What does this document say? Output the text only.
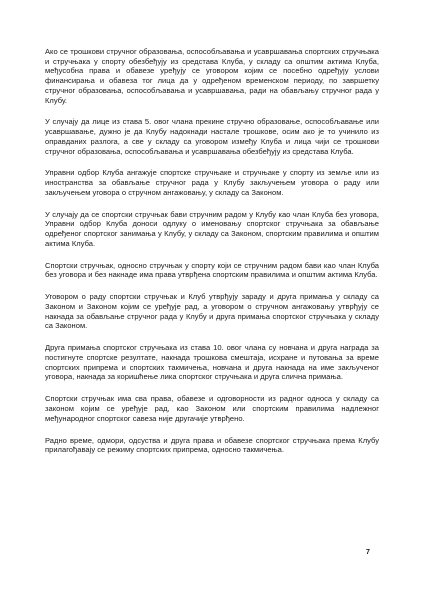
Ако се трошкови стручног образовања, оспособљавања и усавршавања спортских стручњака и стручњака у спорту обезбеђују из средстава Клуба, у складу са општим актима Клуба, међусобна права и обавезе уређују се уговором којим се посебно одређују услови финансирања и обавеза тог лица да у одређеном временском периоду, по завршетку стручног образовања, оспособљавања и усавршавања, ради на обављању стручног рада у Клубу.

У случају да лице из става 5. овог члана прекине стручно образовање, оспособљавање или усавршавање, дужно је да Клубу надокнади настале трошкове, осим ако је то учинило из оправданих разлога, а све у складу са уговором између Клуба и лица чији се трошкови стручног образовања, оспособљавања и усавршавања обезбеђују из средстава Клуба.

Управни одбор Клуба ангажује спортске стручњаке и стручњаке у спорту из земље или из иностранства за обављање стручног рада у Клубу закључењем уговора о раду или закључењем уговора о стручном ангажовању, у складу са Законом.

У случају да се спортски стручњак бави стручним радом у Клубу као члан Клуба без уговора, Управни одбор Клуба доноси одлуку о именовању спортског стручњака за обављање одређеног спортског занимања у Клубу, у складу са Законом, спортским правилима и општим актима Клуба.

Спортски стручњак, односно стручњак у спорту који се стручним радом бави као члан Клуба без уговора и без накнаде има права утврђена спортским правилима и општим актима Клуба.

Уговором о раду спортски стручњак и Клуб утврђују зараду и друга примања у складу са Законом и Законом којим се уређује рад, а уговором о стручном ангажовању утврђују се накнада за обављање стручног рада у Клубу и друга примања спортског стручњака у складу са Законом.

Друга примања спортског стручњака из става 10. овог члана су новчана и друга награда за постигнуте спортске резултате, накнада трошкова смештаја, исхране и путовања за време спортских припрема и спортских такмичења, новчана и друга накнада на име закљученог уговора, накнада за коришћење лика спортског стручњака и друга слична примања.

Спортски стручњак има сва права, обавезе и одговорности из радног односа у складу са законом којим се уређује рад, као Законом или спортским правилима надлежног међународног спортског савеза није другачије утврђено.

Радно време, одмори, одсуства и друга права и обавезе спортског стручњака према Клубу прилагођавају се режиму спортских припрема, односно такмичења.

7
